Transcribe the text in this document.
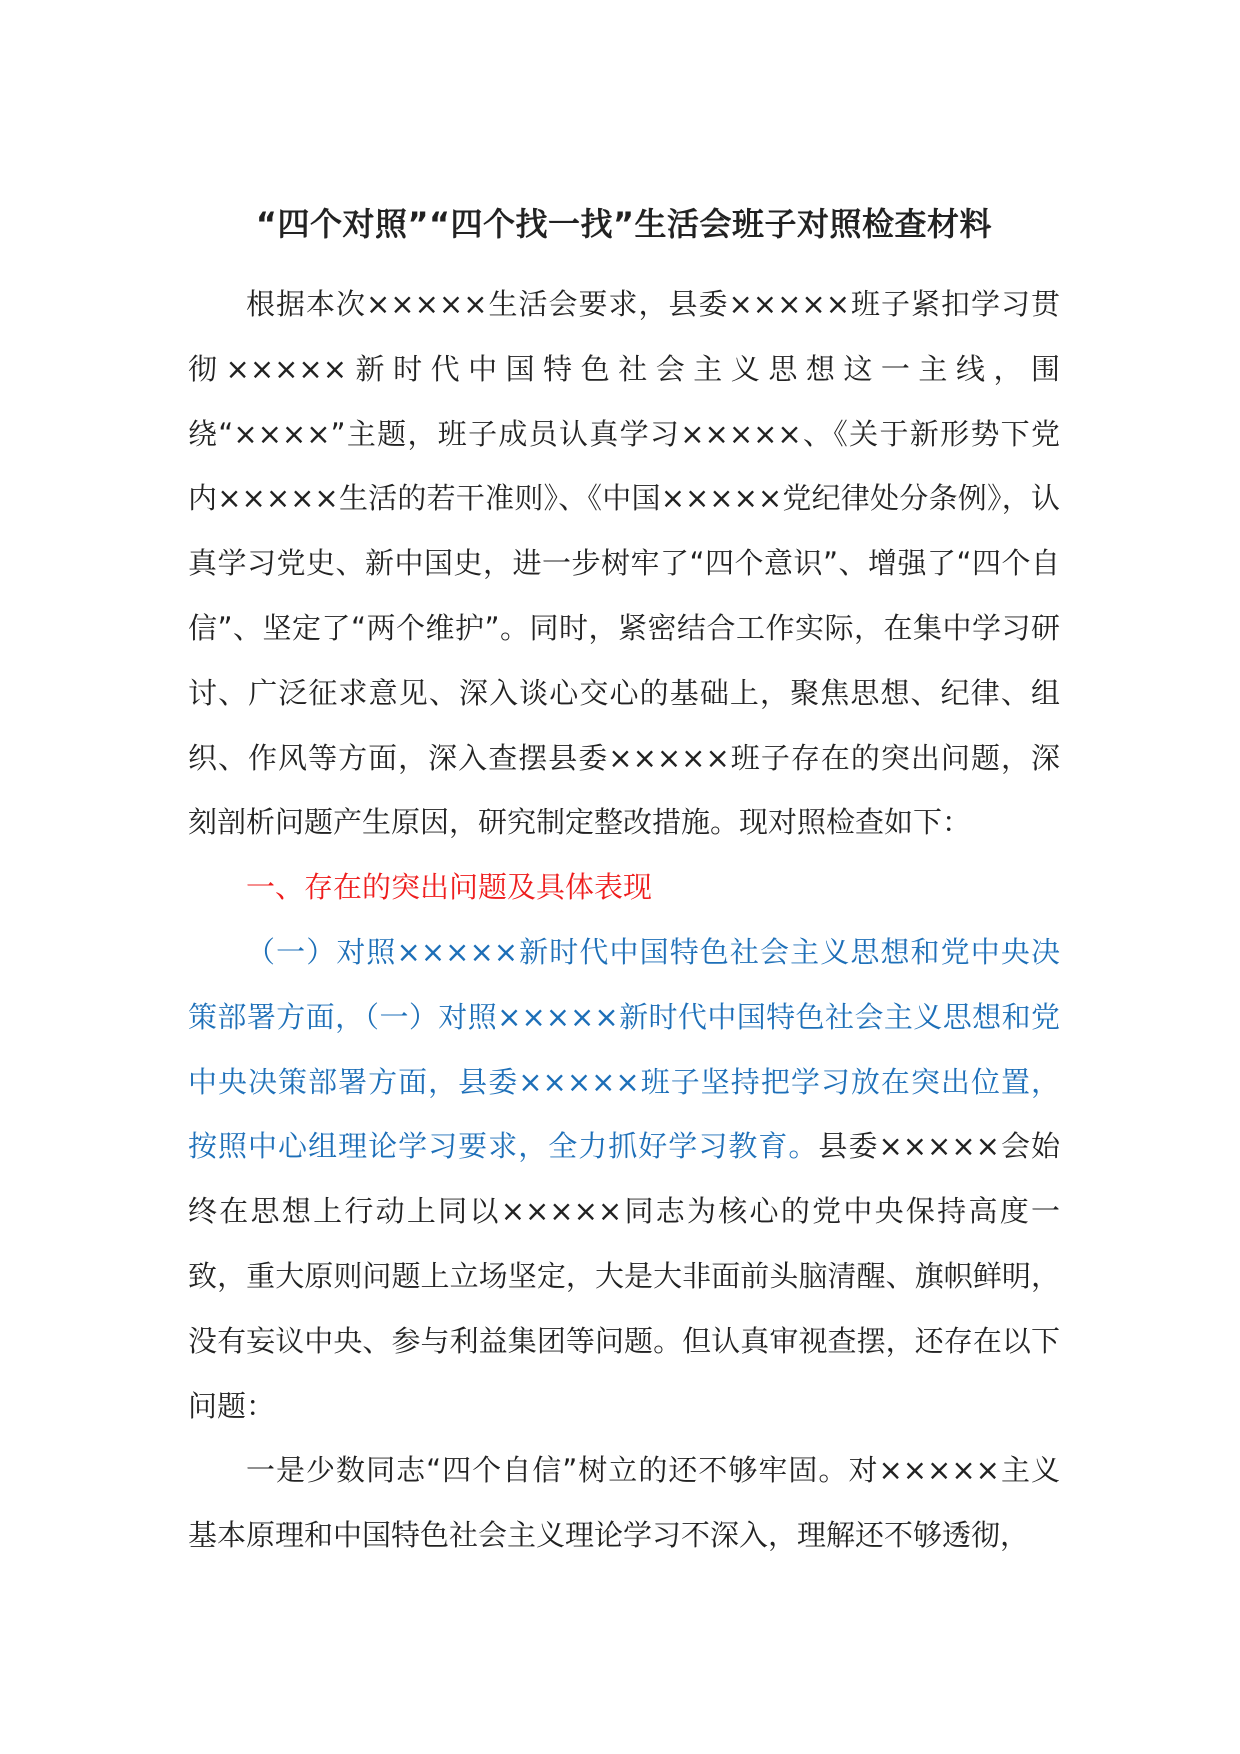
“四个对照”“四个找一找”生活会班子对照检查材料

根据本次×××××生活会要求，县委×××××班子紧扣学习贯彻×××××新时代中国特色社会主义思想这一主线，围绕“××××”主题，班子成员认真学习×××××、《关于新形势下党内×××××生活的若干准则》、《中国×××××党纪律处分条例》，认真学习党史、新中国史，进一步树牢了“四个意识”、增强了“四个自信”、坚定了“两个维护”。同时，紧密结合工作实际，在集中学习研讨、广泛征求意见、深入谈心交心的基础上，聚焦思想、纪律、组织、作风等方面，深入查摆县委×××××班子存在的突出问题，深刻剖析问题产生原因，研究制定整改措施。现对照检查如下：

一、存在的突出问题及具体表现

（一）对照×××××新时代中国特色社会主义思想和党中央决策部署方面，（一）对照×××××新时代中国特色社会主义思想和党中央决策部署方面，县委×××××班子坚持把学习放在突出位置，按照中心组理论学习要求，全力抓好学习教育。县委×××××会始终在思想上行动上同以×××××同志为核心的党中央保持高度一致，重大原则问题上立场坚定，大是大非面前头脑清醒、旗帜鲜明，没有妄议中央、参与利益集团等问题。但认真审视查摆，还存在以下问题：

一是少数同志“四个自信”树立的还不够牢固。对×××××主义基本原理和中国特色社会主义理论学习不深入，理解还不够透彻，
